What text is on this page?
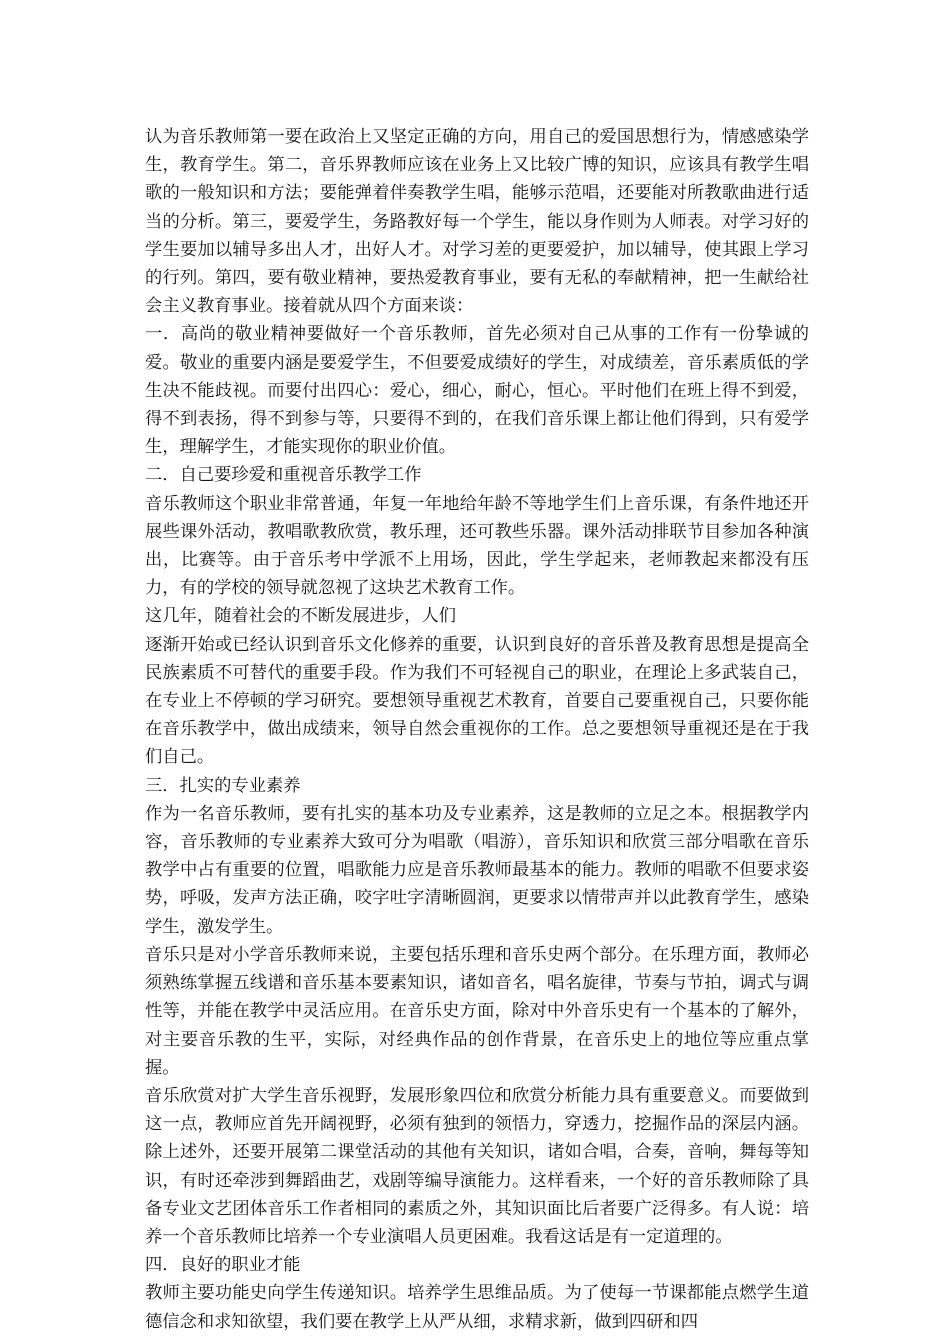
认为音乐教师第一要在政治上又坚定正确的方向，用自己的爱国思想行为，情感感染学生，教育学生。第二，音乐界教师应该在业务上又比较广博的知识，应该具有教学生唱歌的一般知识和方法；要能弹着伴奏教学生唱，能够示范唱，还要能对所教歌曲进行适当的分析。第三，要爱学生，务路教好每一个学生，能以身作则为人师表。对学习好的学生要加以辅导多出人才，出好人才。对学习差的更要爱护，加以辅导，使其跟上学习的行列。第四，要有敬业精神，要热爱教育事业，要有无私的奉献精神，把一生献给社会主义教育事业。接着就从四个方面来谈：

一．高尚的敬业精神要做好一个音乐教师，首先必须对自己从事的工作有一份挚诚的爱。敬业的重要内涵是要爱学生，不但要爱成绩好的学生，对成绩差，音乐素质低的学生决不能歧视。而要付出四心：爱心，细心，耐心，恒心。平时他们在班上得不到爱，得不到表扬，得不到参与等，只要得不到的，在我们音乐课上都让他们得到，只有爱学生，理解学生，才能实现你的职业价值。

二．自己要珍爱和重视音乐教学工作

音乐教师这个职业非常普通，年复一年地给年龄不等地学生们上音乐课，有条件地还开展些课外活动，教唱歌教欣赏，教乐理，还可教些乐器。课外活动排联节目参加各种演出，比赛等。由于音乐考中学派不上用场，因此，学生学起来，老师教起来都没有压力，有的学校的领导就忽视了这块艺术教育工作。

这几年，随着社会的不断发展进步，人们

逐渐开始或已经认识到音乐文化修养的重要，认识到良好的音乐普及教育思想是提高全民族素质不可替代的重要手段。作为我们不可轻视自己的职业，在理论上多武装自己，在专业上不停顿的学习研究。要想领导重视艺术教育，首要自己要重视自己，只要你能在音乐教学中，做出成绩来，领导自然会重视你的工作。总之要想领导重视还是在于我们自己。

三．扎实的专业素养

作为一名音乐教师，要有扎实的基本功及专业素养，这是教师的立足之本。根据教学内容，音乐教师的专业素养大致可分为唱歌（唱游），音乐知识和欣赏三部分唱歌在音乐教学中占有重要的位置，唱歌能力应是音乐教师最基本的能力。教师的唱歌不但要求姿势，呼吸，发声方法正确，咬字吐字清晰圆润，更要求以情带声并以此教育学生，感染学生，激发学生。

音乐只是对小学音乐教师来说，主要包括乐理和音乐史两个部分。在乐理方面，教师必须熟练掌握五线谱和音乐基本要素知识，诸如音名，唱名旋律，节奏与节拍，调式与调性等，并能在教学中灵活应用。在音乐史方面，除对中外音乐史有一个基本的了解外，对主要音乐教的生平，实际，对经典作品的创作背景，在音乐史上的地位等应重点掌握。

音乐欣赏对扩大学生音乐视野，发展形象四位和欣赏分析能力具有重要意义。而要做到这一点，教师应首先开阔视野，必须有独到的领悟力，穿透力，挖掘作品的深层内涵。除上述外，还要开展第二课堂活动的其他有关知识，诸如合唱，合奏，音响，舞每等知识，有时还牵涉到舞蹈曲艺，戏剧等编导演能力。这样看来，一个好的音乐教师除了具备专业文艺团体音乐工作者相同的素质之外，其知识面比后者要广泛得多。有人说：培养一个音乐教师比培养一个专业演唱人员更困难。我看这话是有一定道理的。

四．良好的职业才能

教师主要功能史向学生传递知识。培养学生思维品质。为了使每一节课都能点燃学生道德信念和求知欲望，我们要在教学上从严从细，求精求新，做到四研和四
